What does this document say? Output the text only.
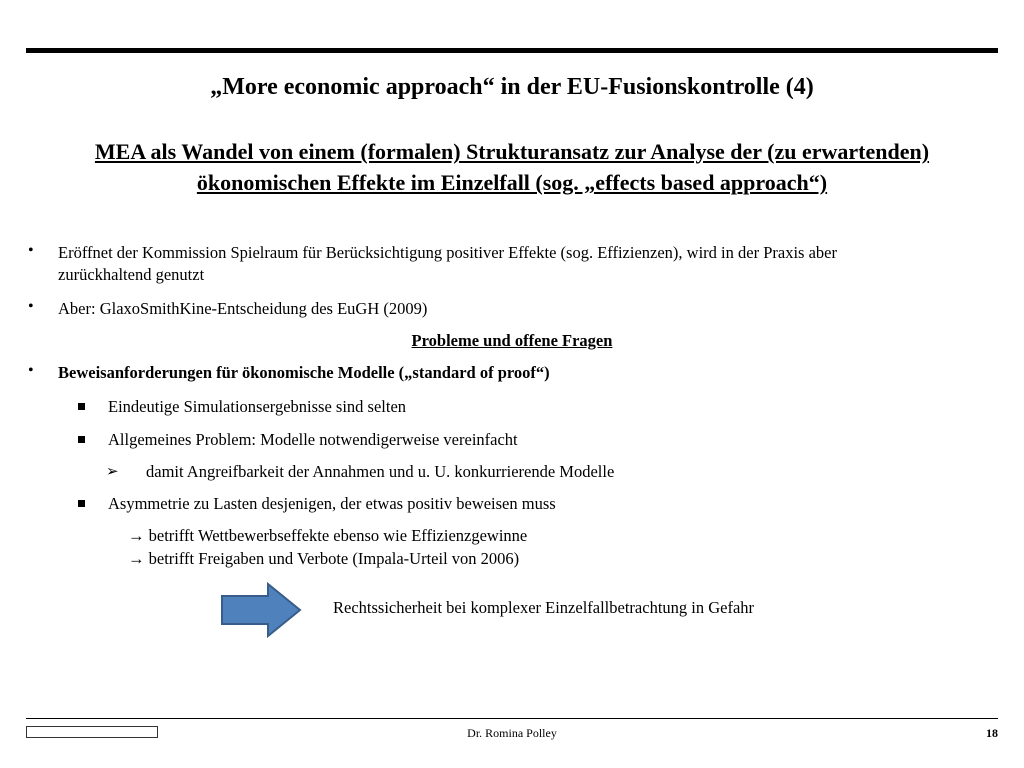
„More economic approach“ in der EU-Fusionskontrolle (4)
MEA als Wandel von einem (formalen) Strukturansatz zur Analyse der (zu erwartenden)
ökonomischen Effekte im Einzelfall (sog. „effects based approach“)
• Eröffnet der Kommission Spielraum für Berücksichtigung positiver Effekte (sog. Effizienzen), wird in der Praxis aber
zurückhaltend genutzt
• Aber: GlaxoSmithKine-Entscheidung des EuGH (2009)
Probleme und offene Fragen
• Beweisanforderungen für ökonomische Modelle („standard of proof“)
Eindeutige Simulationsergebnisse sind selten
Allgemeines Problem: Modelle notwendigerweise vereinfacht
➢ damit Angreifbarkeit der Annahmen und u. U. konkurrierende Modelle
Asymmetrie zu Lasten desjenigen, der etwas positiv beweisen muss
→ betrifft Wettbewerbseffekte ebenso wie Effizienzgewinne
→ betrifft Freigaben und Verbote (Impala-Urteil von 2006)
Rechtssicherheit bei komplexer Einzelfallbetrachtung in Gefahr
Dr. Romina Polley	18
